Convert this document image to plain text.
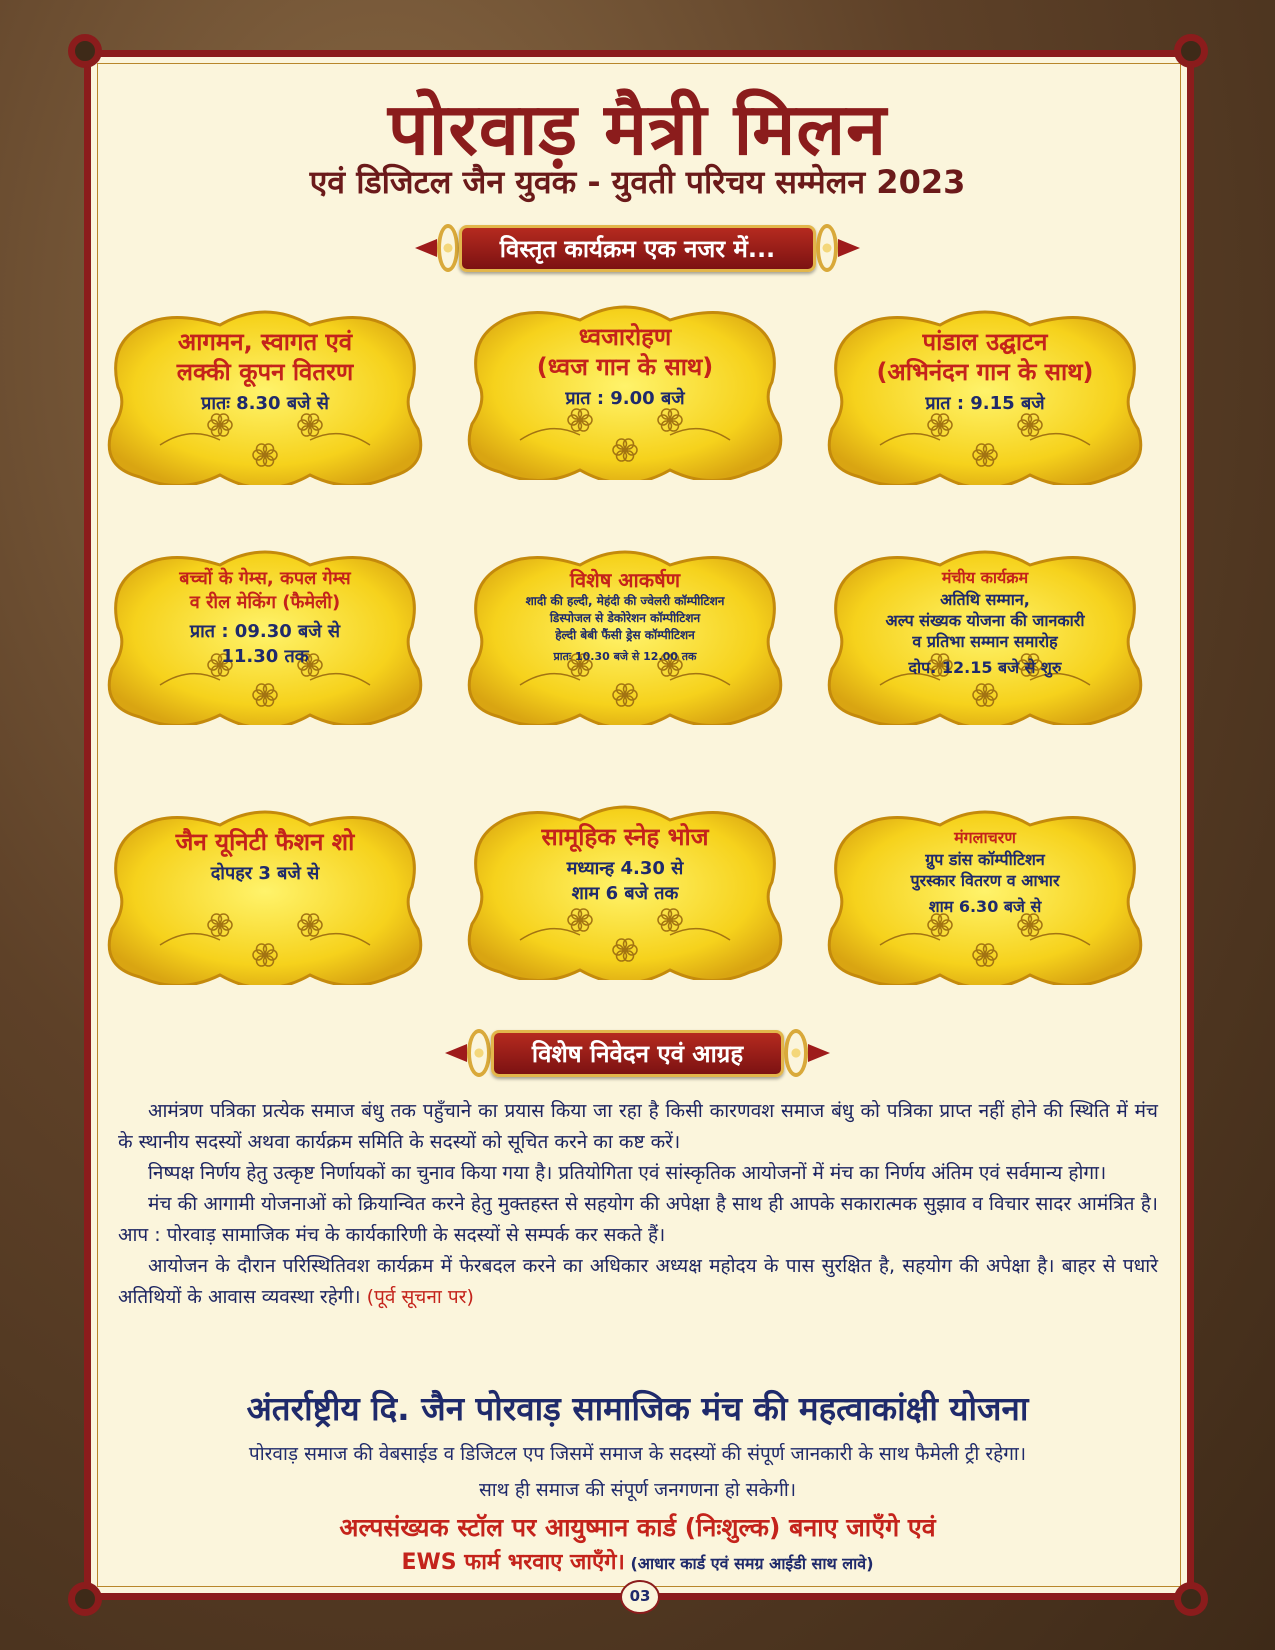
पोरवाड़ मैत्री मिलन
एवं डिजिटल जैन युवक - युवती परिचय सम्मेलन 2023
विस्तृत कार्यक्रम एक नजर में...
आगमन, स्वागत एवं
लक्की कूपन वितरण
प्रातः 8.30 बजे से
ध्वजारोहण
(ध्वज गान के साथ)
प्रात : 9.00 बजे
पांडाल उद्घाटन
(अभिनंदन गान के साथ)
प्रात : 9.15 बजे
बच्चों के गेम्स, कपल गेम्स
व रील मेकिंग (फैमेली)
प्रात : 09.30 बजे से
11.30 तक
विशेष आकर्षण
शादी की हल्दी, मेहंदी की ज्वेलरी कॉम्पीटिशन
डिस्पोजल से डेकोरेशन कॉम्पीटिशन
हेल्दी बेबी फैंसी ड्रेस कॉम्पीटिशन
प्रातः 10.30 बजे से 12.00 तक
मंचीय कार्यक्रम
अतिथि सम्मान,
अल्प संख्यक योजना की जानकारी
व प्रतिभा सम्मान समारोह
दोप. 12.15 बजे से शुरु
जैन यूनिटी फैशन शो
दोपहर 3 बजे से
सामूहिक स्नेह भोज
मध्यान्ह 4.30 से
शाम 6 बजे तक
मंगलाचरण
ग्रुप डांस कॉम्पीटिशन
पुरस्कार वितरण व आभार
शाम 6.30 बजे से
विशेष निवेदन एवं आग्रह

आमंत्रण पत्रिका प्रत्येक समाज बंधु तक पहुँचाने का प्रयास किया जा रहा है किसी कारणवश समाज बंधु को पत्रिका प्राप्त नहीं होने की स्थिति में मंच के स्थानीय सदस्यों अथवा कार्यक्रम समिति के सदस्यों को सूचित करने का कष्ट करें।

निष्पक्ष निर्णय हेतु उत्कृष्ट निर्णायकों का चुनाव किया गया है। प्रतियोगिता एवं सांस्कृतिक आयोजनों में मंच का निर्णय अंतिम एवं सर्वमान्य होगा।

मंच की आगामी योजनाओं को क्रियान्वित करने हेतु मुक्तहस्त से सहयोग की अपेक्षा है साथ ही आपके सकारात्मक सुझाव व विचार सादर आमंत्रित है। आप : पोरवाड़ सामाजिक मंच के कार्यकारिणी के सदस्यों से सम्पर्क कर सकते हैं।

आयोजन के दौरान परिस्थितिवश कार्यक्रम में फेरबदल करने का अधिकार अध्यक्ष महोदय के पास सुरक्षित है, सहयोग की अपेक्षा है। बाहर से पधारे अतिथियों के आवास व्यवस्था रहेगी। (पूर्व सूचना पर)

अंतर्राष्ट्रीय दि. जैन पोरवाड़ सामाजिक मंच की महत्वाकांक्षी योजना
पोरवाड़ समाज की वेबसाईड व डिजिटल एप जिसमें समाज के सदस्यों की संपूर्ण जानकारी के साथ फैमेली ट्री रहेगा।
साथ ही समाज की संपूर्ण जनगणना हो सकेगी।
अल्पसंख्यक स्टॉल पर आयुष्मान कार्ड (निःशुल्क) बनाए जाएँगे एवं
EWS फार्म भरवाए जाएँगे। (आधार कार्ड एवं समग्र आईडी साथ लावे)
03
